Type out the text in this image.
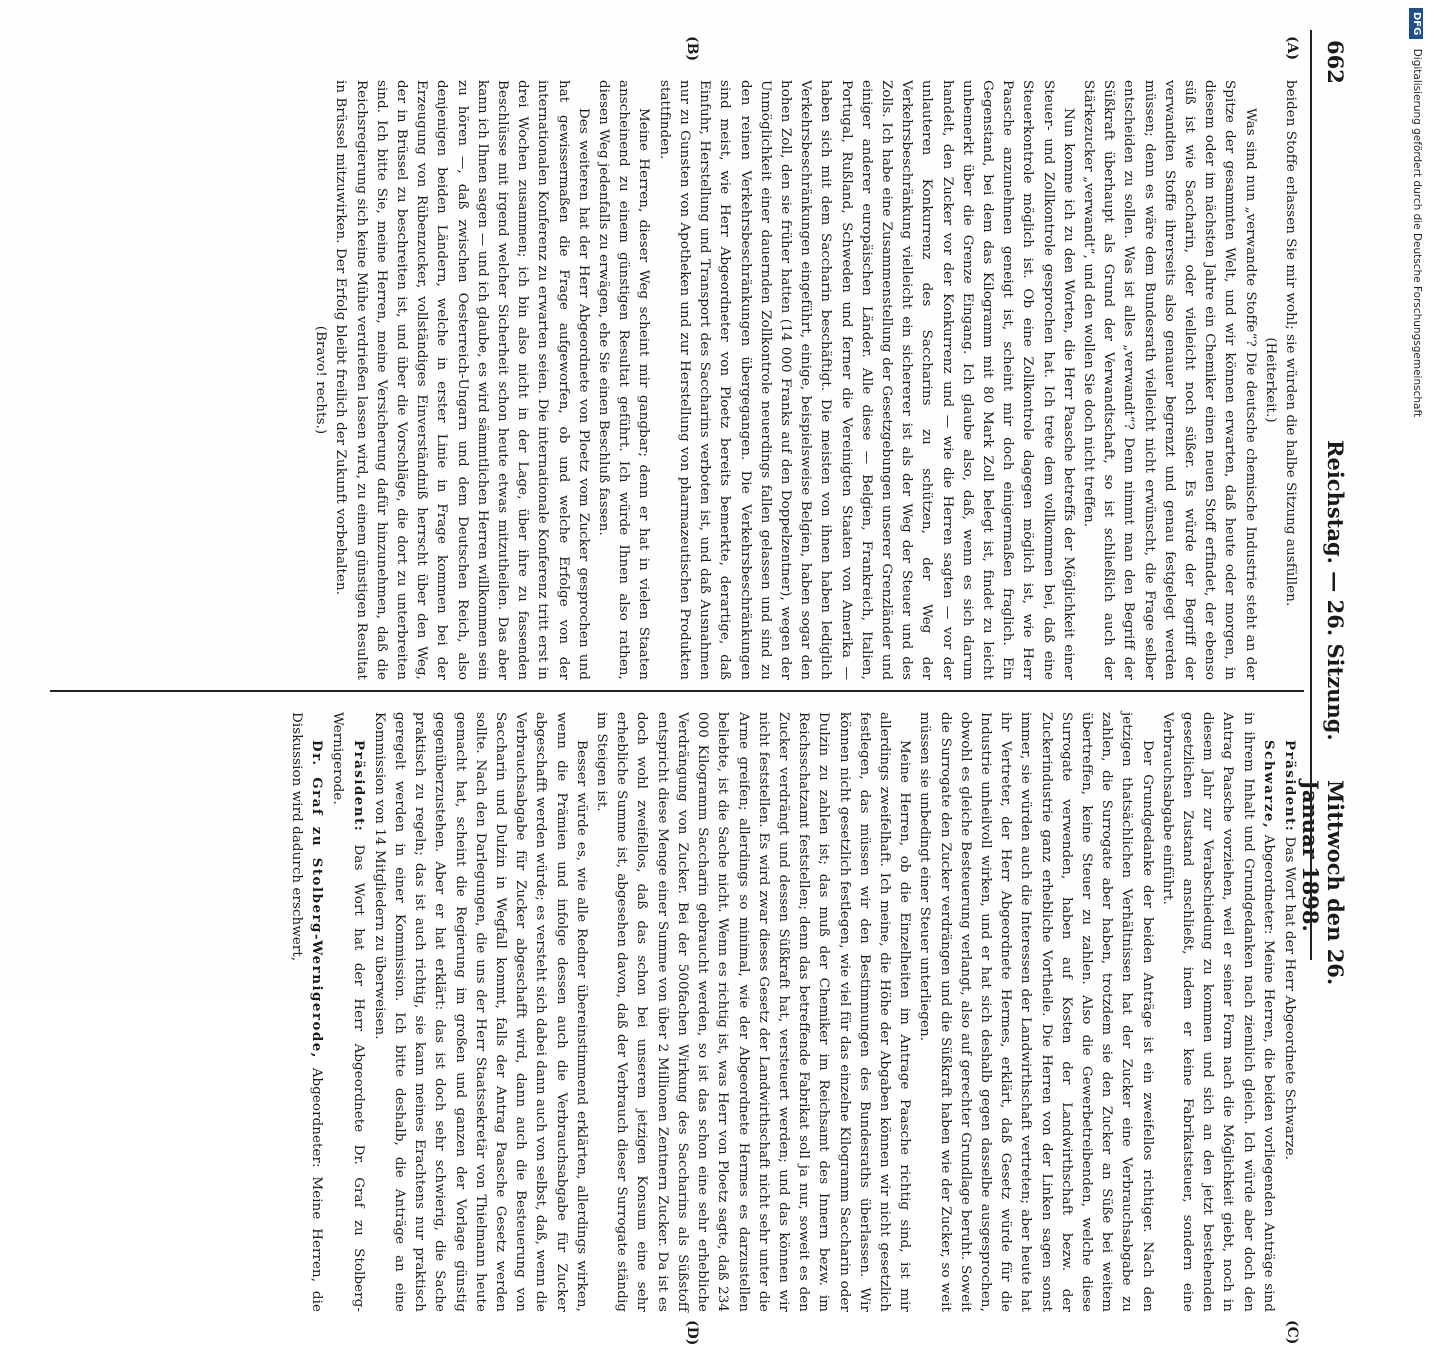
662
Reichstag. — 26. Sitzung.
Mittwoch den 26. Januar 1898.
(A)
(B)
(C)
(D)

beiden Stoffe erlassen Sie mir wohl; sie würden die halbe Sitzung ausfüllen.

(Heiterkeit.)

Was sind nun „verwandte Stoffe“? Die deutsche chemische Industrie steht an der Spitze der gesammten Welt, und wir können erwarten, daß heute oder morgen, in diesem oder im nächsten Jahre ein Chemiker einen neuen Stoff erfindet, der ebenso süß ist wie Saccharin, oder vielleicht noch süßer. Es würde der Begriff der verwandten Stoffe ihrerseits also genauer begrenzt und genau festgelegt werden müssen; denn es wäre dem Bundesrath vielleicht nicht erwünscht, die Frage selber entscheiden zu sollen. Was ist alles „verwandt“? Denn nimmt man den Begriff der Süßkraft überhaupt als Grund der Verwandtschaft, so ist schließlich auch der Stärkezucker „verwandt“, und den wollen Sie doch nicht treffen.

Nun komme ich zu den Worten, die Herr Paasche betreffs der Möglichkeit einer Steuer- und Zollkontrole gesprochen hat. Ich trete dem vollkommen bei, daß eine Steuerkontrole möglich ist. Ob eine Zollkontrole dagegen möglich ist, wie Herr Paasche anzunehmen geneigt ist, scheint mir doch einigermaßen fraglich. Ein Gegenstand, bei dem das Kilogramm mit 80 Mark Zoll belegt ist, findet zu leicht unbemerkt über die Grenze Eingang. Ich glaube also, daß, wenn es sich darum handelt, den Zucker vor der Konkurrenz und — wie die Herren sagten — vor der unlauteren Konkurrenz des Saccharins zu schützen, der Weg der Verkehrsbeschränkung vielleicht ein sichererer ist als der Weg der Steuer und des Zolls. Ich habe eine Zusammenstellung der Gesetzgebungen unserer Grenzländer und einiger anderer europäischen Länder. Alle diese — Belgien, Frankreich, Italien, Portugal, Rußland, Schweden und ferner die Vereinigten Staaten von Amerika — haben sich mit dem Saccharin beschäftigt. Die meisten von ihnen haben lediglich Verkehrsbeschränkungen eingeführt, einige, beispielsweise Belgien, haben sogar den hohen Zoll, den sie früher hatten (14 000 Franks auf den Doppelzentner), wegen der Unmöglichkeit einer dauernden Zollkontrole neuerdings fallen gelassen und sind zu den reinen Verkehrsbeschränkungen übergegangen. Die Verkehrsbeschränkungen sind meist, wie Herr Abgeordneter von Ploetz bereits bemerkte, derartige, daß Einfuhr, Herstellung und Transport des Saccharins verboten ist, und daß Ausnahmen nur zu Gunsten von Apotheken und zur Herstellung von pharmazeutischen Produkten stattfinden.

Meine Herren, dieser Weg scheint mir gangbar; denn er hat in vielen Staaten anscheinend zu einem günstigen Resultat geführt. Ich würde Ihnen also rathen, diesen Weg jedenfalls zu erwägen, ehe Sie einen Beschluß fassen.

Des weiteren hat der Herr Abgeordnete von Ploetz vom Zucker gesprochen und hat gewissermaßen die Frage aufgeworfen, ob und welche Erfolge von der internationalen Konferenz zu erwarten seien. Die internationale Konferenz tritt erst in drei Wochen zusammen; ich bin also nicht in der Lage, über ihre zu fassenden Beschlüsse mit irgend welcher Sicherheit schon heute etwas mitzutheilen. Das aber kann ich Ihnen sagen — und ich glaube, es wird sämmtlichen Herren willkommen sein zu hören —, daß zwischen Oesterreich-Ungarn und dem Deutschen Reich, also denjenigen beiden Ländern, welche in erster Linie in Frage kommen bei der Erzeugung von Rübenzucker, vollständiges Einverständniß herrscht über den Weg, der in Brüssel zu beschreiten ist, und über die Vorschläge, die dort zu unterbreiten sind. Ich bitte Sie, meine Herren, meine Versicherung dafür hinzunehmen, daß die Reichsregierung sich keine Mühe verdrießen lassen wird, zu einem günstigen Resultat in Brüssel mitzuwirken. Der Erfolg bleibt freilich der Zukunft vorbehalten.

(Bravo! rechts.)

Präsident: Das Wort hat der Herr Abgeordnete Schwarze.

Schwarze, Abgeordneter: Meine Herren, die beiden vorliegenden Anträge sind in ihrem Inhalt und Grundgedanken nach ziemlich gleich. Ich würde aber doch den Antrag Paasche vorziehen, weil er seiner Form nach die Möglichkeit giebt, noch in diesem Jahr zur Verabschiedung zu kommen und sich an den jetzt bestehenden gesetzlichen Zustand anschließt, indem er keine Fabrikatsteuer, sondern eine Verbrauchsabgabe einführt.

Der Grundgedanke der beiden Anträge ist ein zweifellos richtiger. Nach den jetzigen thatsächlichen Verhältnissen hat der Zucker eine Verbrauchsabgabe zu zahlen, die Surrogate aber haben, trotzdem sie den Zucker an Süße bei weitem übertreffen, keine Steuer zu zahlen. Also die Gewerbetreibenden, welche diese Surrogate verwenden, haben auf Kosten der Landwirthschaft bezw. der Zuckerindustrie ganz erhebliche Vortheile. Die Herren von der Linken sagen sonst immer, sie würden auch die Interessen der Landwirthschaft vertreten; aber heute hat ihr Vertreter, der Herr Abgeordnete Hermes, erklärt, daß Gesetz würde für die Industrie unheilvoll wirken, und er hat sich deshalb gegen dasselbe ausgesprochen, obwohl es gleiche Besteuerung verlangt, also auf gerechter Grundlage beruht. Soweit die Surrogate den Zucker verdrängen und die Süßkraft haben wie der Zucker, so weit müssen sie unbedingt einer Steuer unterliegen.

Meine Herren, ob die Einzelheiten im Antrage Paasche richtig sind, ist mir allerdings zweifelhaft. Ich meine, die Höhe der Abgaben können wir nicht gesetzlich festlegen, das müssen wir den Bestimmungen des Bundesraths überlassen. Wir können nicht gesetzlich festlegen, wie viel für das einzelne Kilogramm Saccharin oder Dulzin zu zahlen ist; das muß der Chemiker im Reichsamt des Innern bezw. im Reichsschatzamt feststellen; denn das betreffende Fabrikat soll ja nur, soweit es den Zucker verdrängt und dessen Süßkraft hat, versteuert werden; und das können wir nicht feststellen. Es wird zwar dieses Gesetz der Landwirthschaft nicht sehr unter die Arme greifen; allerdings so minimal, wie der Abgeordnete Hermes es darzustellen beliebte, ist die Sache nicht. Wenn es richtig ist, was Herr von Ploetz sagte, daß 234 000 Kilogramm Saccharin gebraucht werden, so ist das schon eine sehr erhebliche Verdrängung von Zucker. Bei der 500fachen Wirkung des Saccharins als Süßstoff entspricht diese Menge einer Summe von über 2 Millionen Zentnern Zucker. Da ist es doch wohl zweifellos, daß das schon bei unserem jetzigen Konsum eine sehr erhebliche Summe ist, abgesehen davon, daß der Verbrauch dieser Surrogate ständig im Steigen ist.

Besser würde es, wie alle Redner übereinstimmend erklärten, allerdings wirken, wenn die Prämien und infolge dessen auch die Verbrauchsabgabe für Zucker abgeschafft werden würde; es versteht sich dabei dann auch von selbst, daß, wenn die Verbrauchsabgabe für Zucker abgeschafft wird, dann auch die Besteuerung von Saccharin und Dulzin in Wegfall kommt, falls der Antrag Paasche Gesetz werden sollte. Nach den Darlegungen, die uns der Herr Staatssekretär von Thielmann heute gemacht hat, scheint die Regierung im großen und ganzen der Vorlage günstig gegenüberzustehen. Aber er hat erklärt: das ist doch sehr schwierig, die Sache praktisch zu regeln; das ist auch richtig, sie kann meines Erachtens nur praktisch geregelt werden in einer Kommission. Ich bitte deshalb, die Anträge an eine Kommission von 14 Mitgliedern zu überweisen.

Präsident: Das Wort hat der Herr Abgeordnete Dr. Graf zu Stolberg-Wernigerode.

Dr. Graf zu Stolberg-Wernigerode, Abgeordneter: Meine Herren, die Diskussion wird dadurch erschwert,

DFG Digitalisierung gefördert durch die Deutsche Forschungsgemeinschaft
